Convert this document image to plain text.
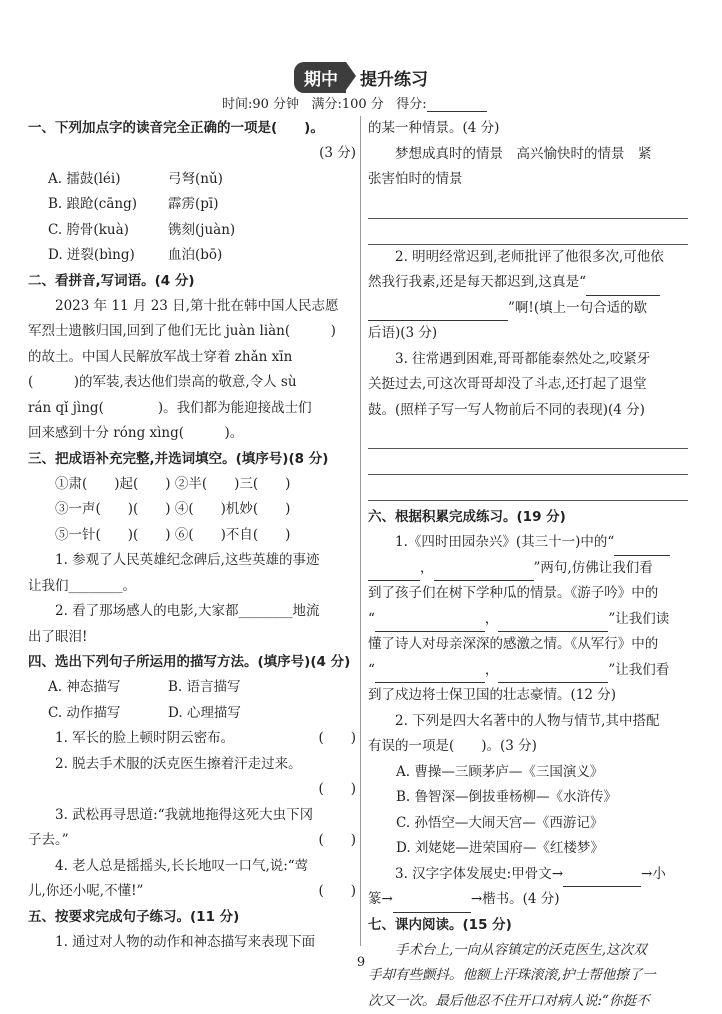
期中 提升练习
时间:90 分钟 满分:100 分 得分:

一、下列加点字的读音完全正确的一项是(　　)。

(3 分)

A. 擂鼓(léi)	弓弩(nǔ)
B. 踉跄(cāng)	霹雳(pī)
C. 胯骨(kuà)	镌刻(juàn)
D. 迸裂(bìng)	血泊(bō)

二、看拼音,写词语。(4 分)

2023 年 11 月 23 日,第十批在韩中国人民志愿

军烈士遗骸归国,回到了他们无比 juàn liàn(　　　)

的故土。中国人民解放军战士穿着 zhǎn xīn

(　　　)的军装,表达他们崇高的敬意,令人 sù

rán qǐ jìng(　　　　)。我们都为能迎接战士们

回来感到十分 róng xìng(　　　)。

三、把成语补充完整,并选词填空。(填序号)(8 分)

①肃(　　)起(　　) ②半(　　)三(　　)

③一声(　　)(　　) ④(　　)机妙(　　)

⑤一针(　　)(　　) ⑥(　　)不自(　　)

1. 参观了人民英雄纪念碑后,这些英雄的事迹

让我们________。

2. 看了那场感人的电影,大家都________地流

出了眼泪!

四、选出下列句子所运用的描写方法。(填序号)(4 分)

A. 神态描写	B. 语言描写
C. 动作描写	D. 心理描写
1. 军长的脸上顿时阴云密布。	(　　)

2. 脱去手术服的沃克医生擦着汗走过来。

(　　)

3. 武松再寻思道:“我就地拖得这死大虫下冈

子去。”	(　　)

4. 老人总是摇摇头,长长地叹一口气,说:“莺

儿,你还小呢,不懂!”	(　　)

五、按要求完成句子练习。(11 分)

1. 通过对人物的动作和神态描写来表现下面

的某一种情景。(4 分)

梦想成真时的情景　高兴愉快时的情景　紧

张害怕时的情景

2. 明明经常迟到,老师批评了他很多次,可他依

然我行我素,还是每天都迟到,这真是“

”啊!(填上一句合适的歇

后语)(3 分)

3. 往常遇到困难,哥哥都能泰然处之,咬紧牙

关挺过去,可这次哥哥却没了斗志,还打起了退堂

鼓。(照样子写一写人物前后不同的表现)(4 分)

六、根据积累完成练习。(19 分)

1.《四时田园杂兴》(其三十一)中的“

，	”两句,仿佛让我们看

到了孩子们在树下学种瓜的情景。《游子吟》中的

“	，	”让我们读

懂了诗人对母亲深深的感激之情。《从军行》中的

“	，	”让我们看

到了戍边将士保卫国的壮志豪情。(12 分)

2. 下列是四大名著中的人物与情节,其中搭配

有误的一项是(　　)。(3 分)

A. 曹操—三顾茅庐—《三国演义》

B. 鲁智深—倒拔垂杨柳—《水浒传》

C. 孙悟空—大闹天宫—《西游记》

D. 刘姥姥—进荣国府—《红楼梦》

3. 汉字字体发展史:甲骨文→	→小

篆→	→楷书。(4 分)

七、课内阅读。(15 分)

手术台上,一向从容镇定的沃克医生,这次双

手却有些颤抖。他额上汗珠滚滚,护士帮他擦了一

次又一次。最后他忍不住开口对病人说:“你挺不

9
